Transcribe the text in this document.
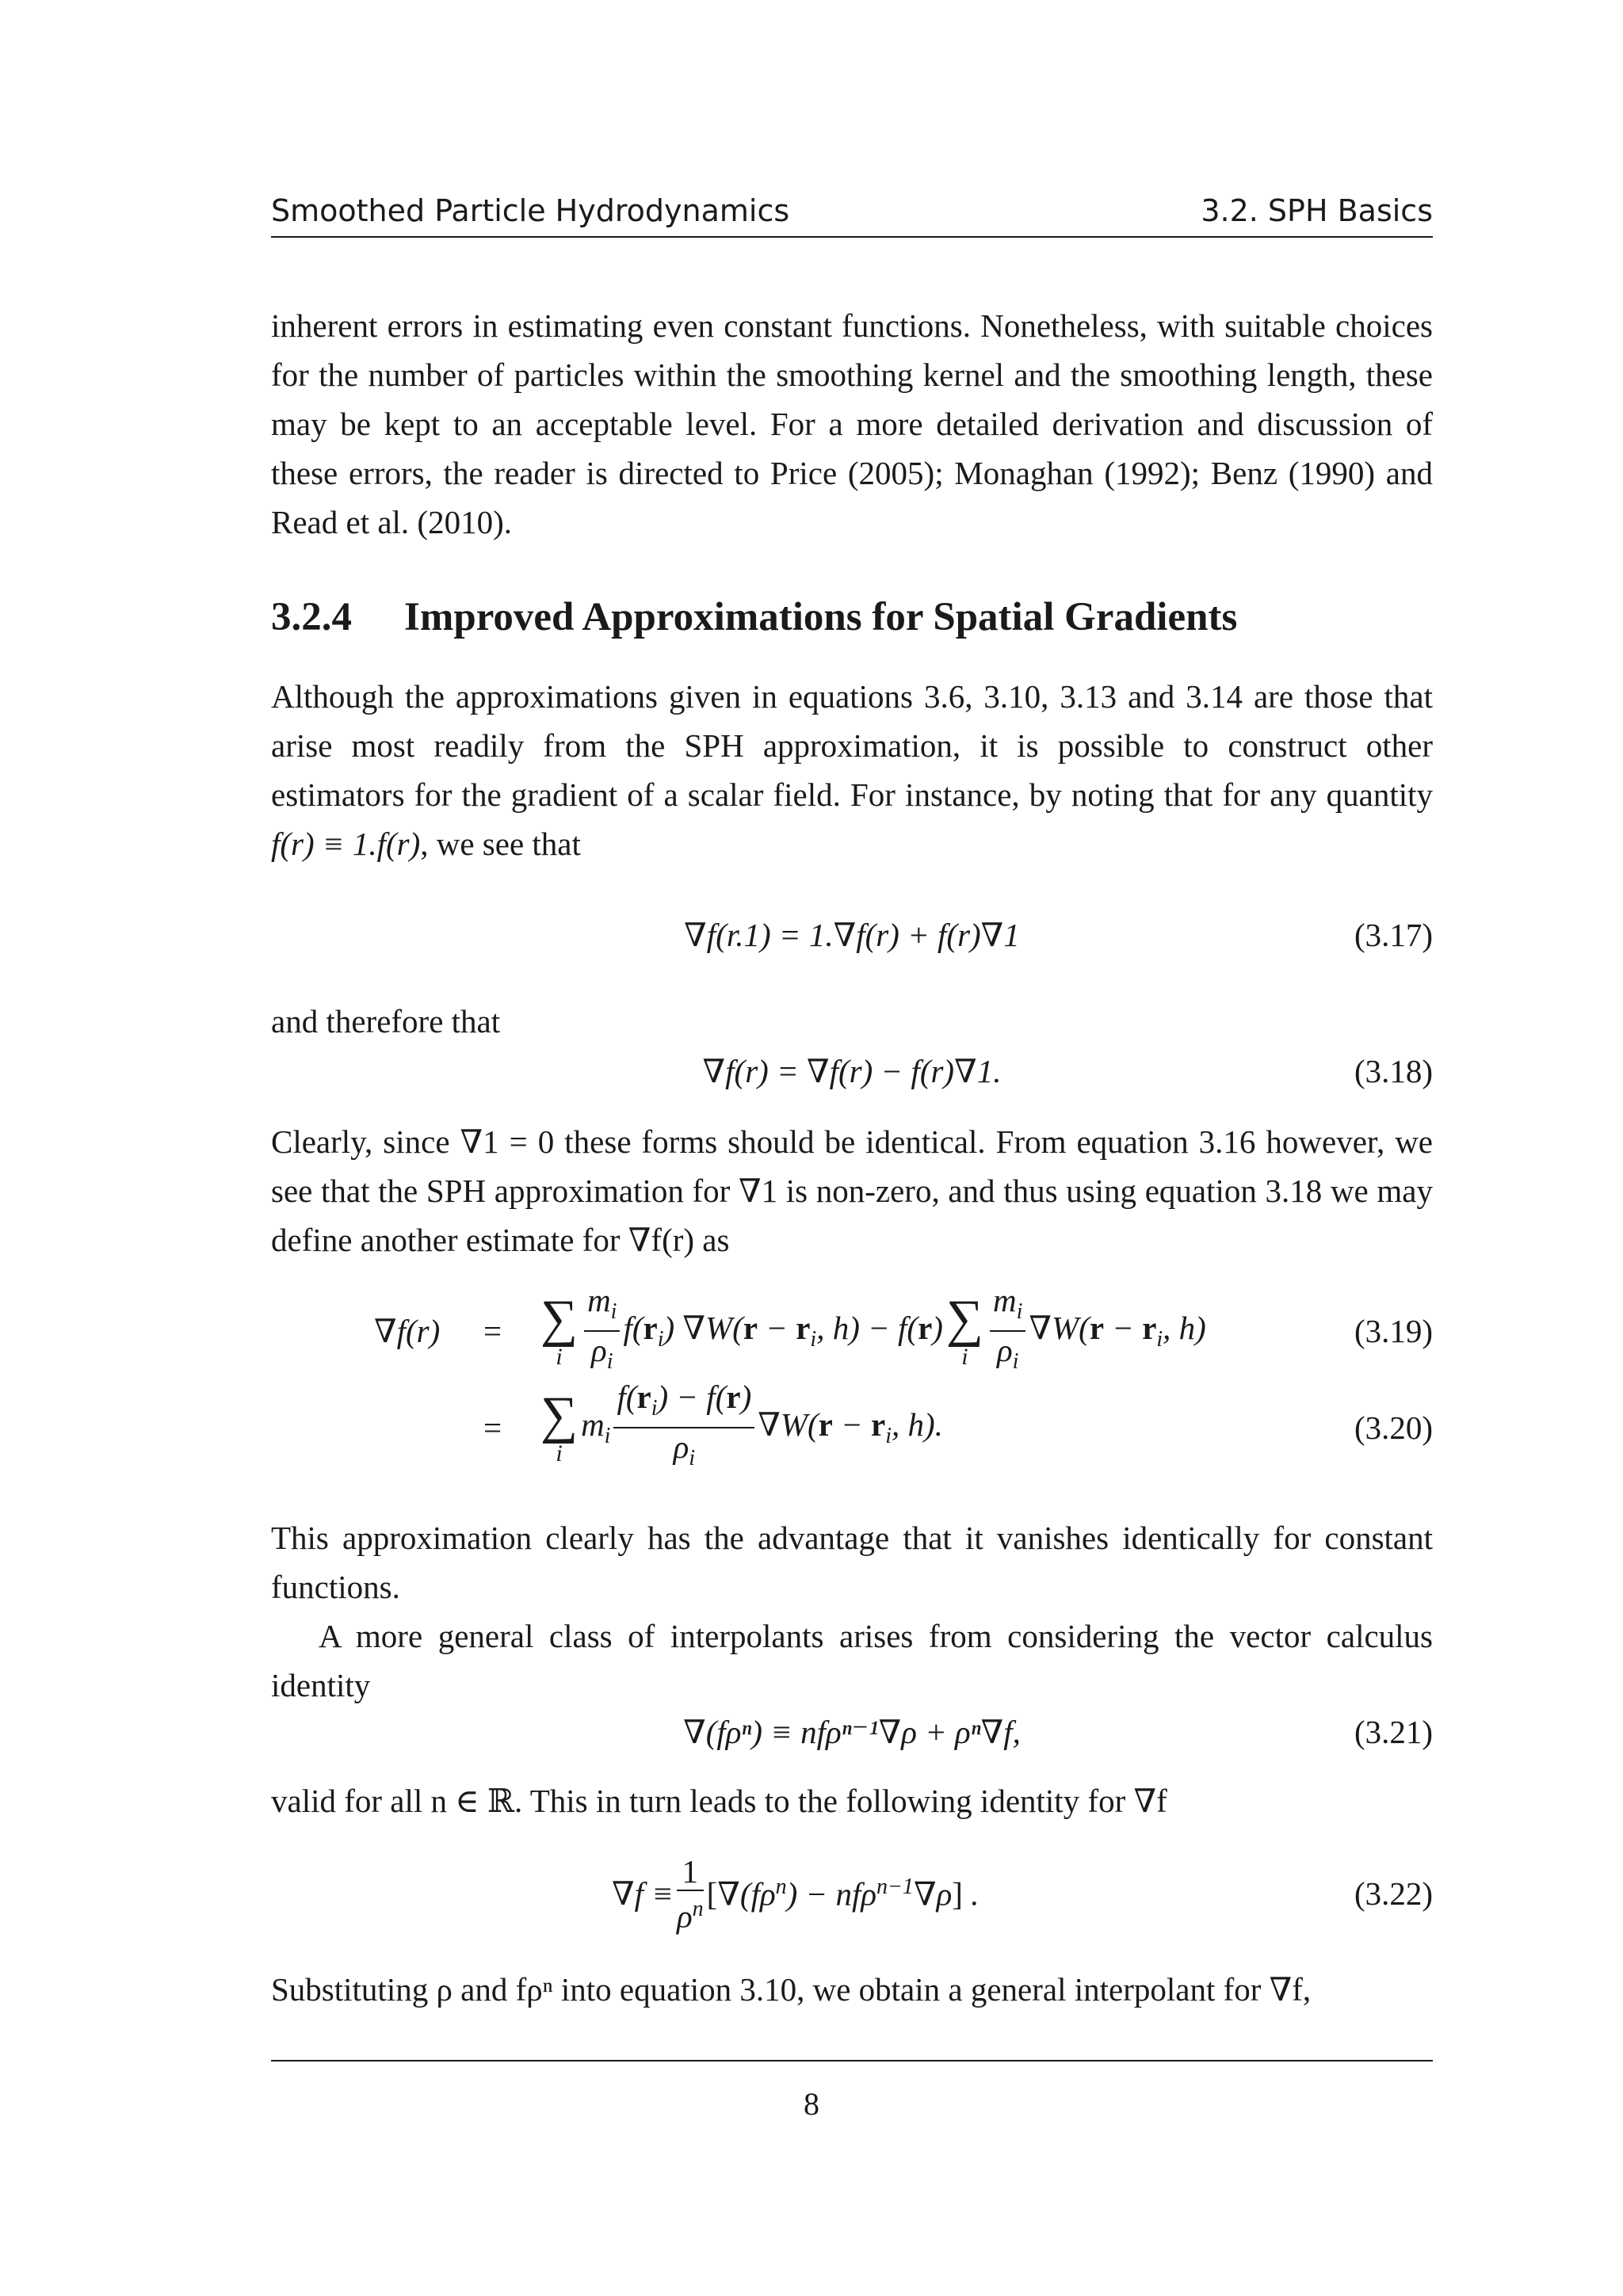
Smoothed Particle Hydrodynamics	3.2. SPH Basics

inherent errors in estimating even constant functions. Nonetheless, with suitable choices for the number of particles within the smoothing kernel and the smoothing length, these may be kept to an acceptable level. For a more detailed derivation and discussion of these errors, the reader is directed to Price (2005); Monaghan (1992); Benz (1990) and Read et al. (2010).

3.2.4 Improved Approximations for Spatial Gradients

Although the approximations given in equations 3.6, 3.10, 3.13 and 3.14 are those that arise most readily from the SPH approximation, it is possible to construct other estimators for the gradient of a scalar field. For instance, by noting that for any quantity f(r) ≡ 1.f(r), we see that

∇f(r.1) = 1.∇f(r) + f(r)∇1	(3.17)

and therefore that

∇f(r) = ∇f(r) − f(r)∇1.	(3.18)

Clearly, since ∇1 = 0 these forms should be identical. From equation 3.16 however, we see that the SPH approximation for ∇1 is non-zero, and thus using equation 3.18 we may define another estimate for ∇f(r) as

∇f(r) = ∑
i $\frac{m_i}{\rho_i} f(r_i) \nabla W(r - r_i$, h) − f(r) ∑
i $\frac{m_i}{\rho_i} \nabla W(r - r_i$, h)	(3.19)
= ∑
i
$m_i \frac{f(r_i) - f(r)}{\rho_i} \nabla W(r - r_i$, h).	(3.20)

This approximation clearly has the advantage that it vanishes identically for constant functions.

A more general class of interpolants arises from considering the vector calculus identity

∇(fρⁿ) ≡ nfρⁿ⁻¹∇ρ + ρⁿ∇f,	(3.21)

valid for all n ∈ ℝ. This in turn leads to the following identity for ∇f

$\nabla f \equiv \frac{1}{\rho^n} [\nabla(f\rho^n) - nf\rho^{n-1}\nabla\rho]$ .	(3.22)

Substituting ρ and fρⁿ into equation 3.10, we obtain a general interpolant for ∇f,

8
